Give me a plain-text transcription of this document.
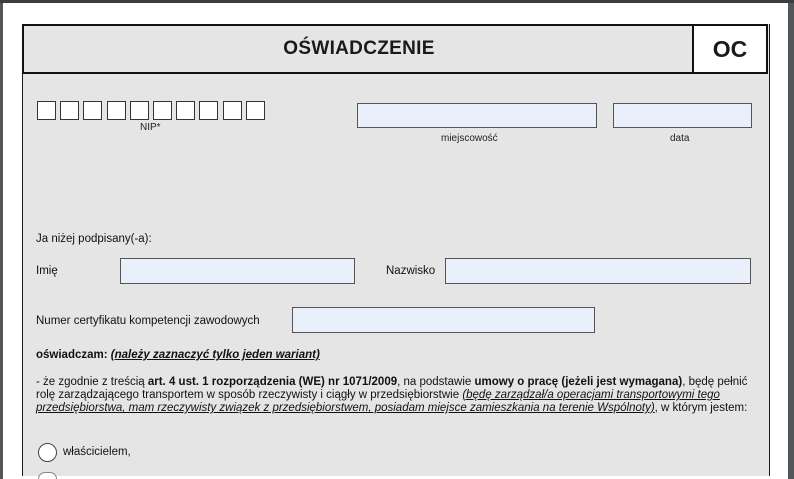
OŚWIADCZENIE	OC
NIP*
miejscowość	data
Ja niżej podpisany(-a):
Imię	Nazwisko
Numer certyfikatu kompetencji zawodowych
oświadczam: (należy zaznaczyć tylko jeden wariant)
- że zgodnie z treścią art. 4 ust. 1 rozporządzenia (WE) nr 1071/2009, na podstawie umowy o pracę (jeżeli jest wymagana), będę pełnić rolę zarządzającego transportem w sposób rzeczywisty i ciągły w przedsiębiorstwie (będę zarządzał/a operacjami transportowymi tego przedsiębiorstwa, mam rzeczywisty związek z przedsiębiorstwem, posiadam miejsce zamieszkania na terenie Wspólnoty), w którym jestem:
właścicielem,
